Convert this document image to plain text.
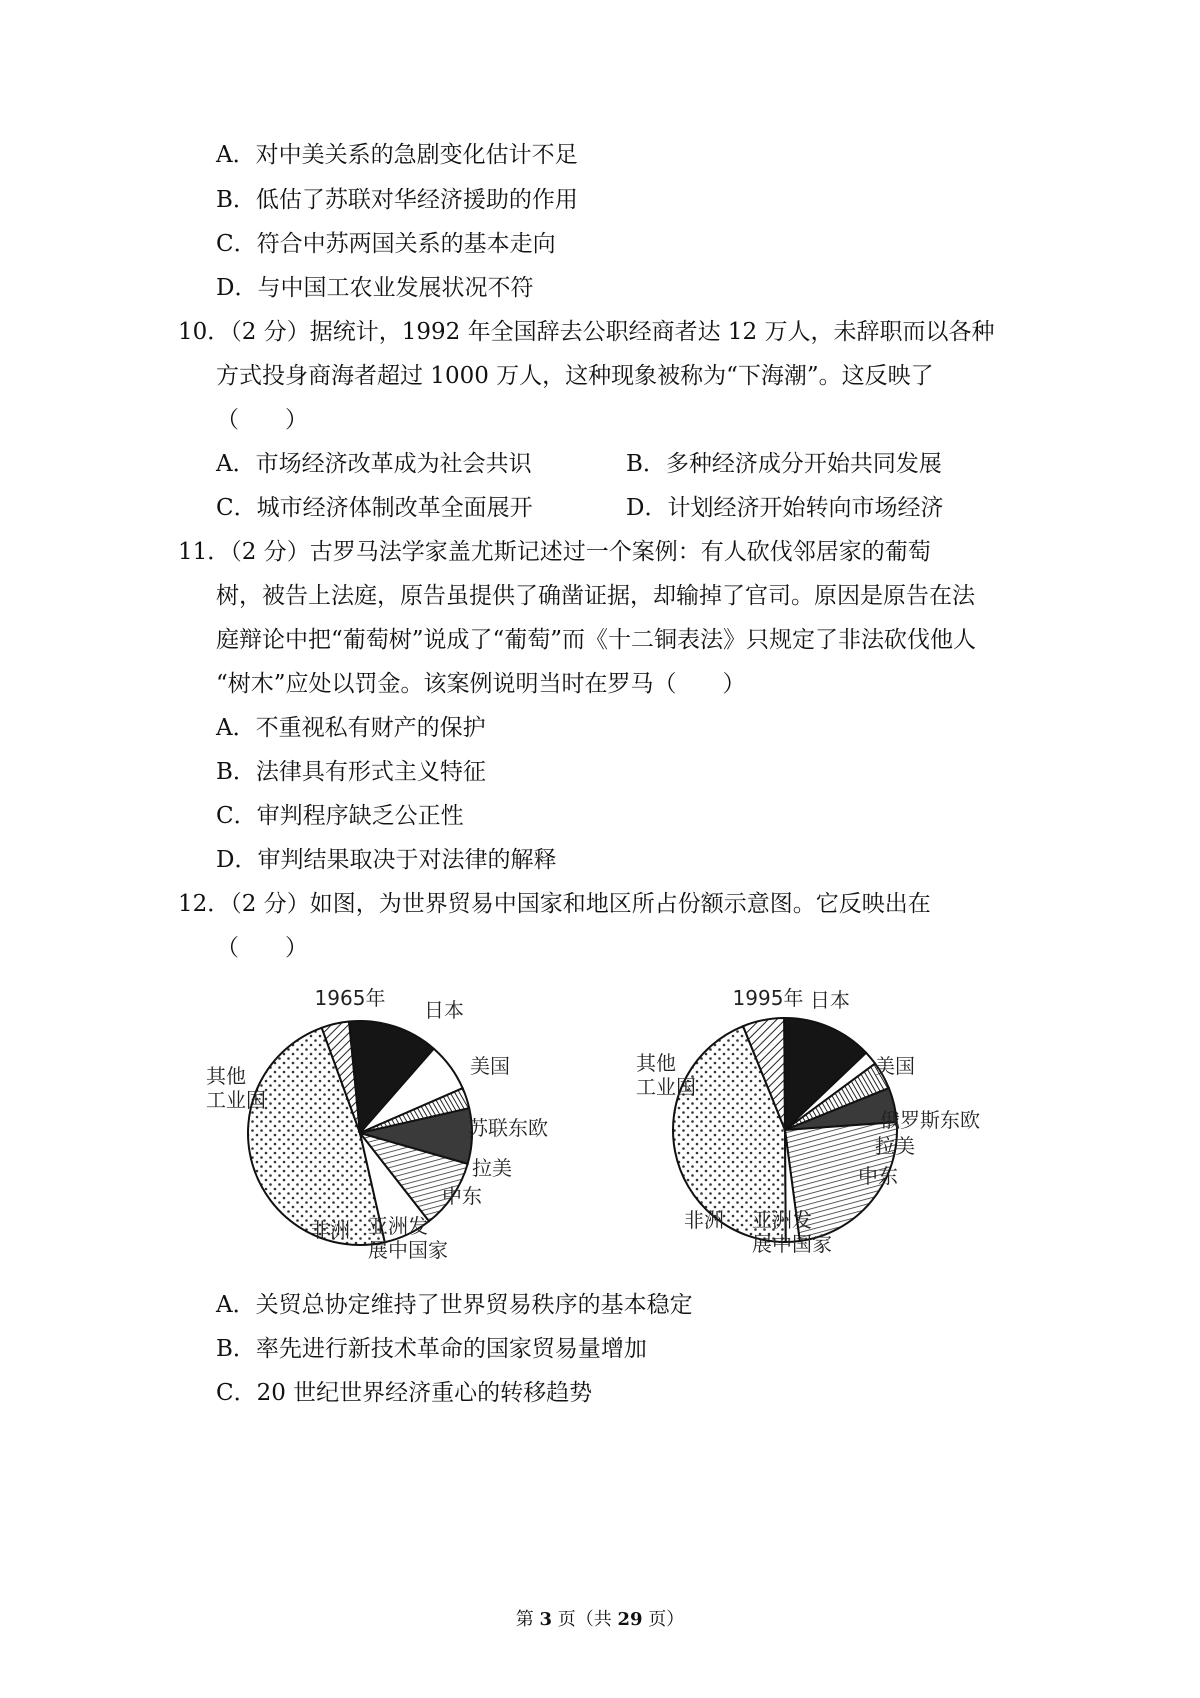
A．对中美关系的急剧变化估计不足
B．低估了苏联对华经济援助的作用
C．符合中苏两国关系的基本走向
D．与中国工农业发展状况不符
10．（2 分）据统计，1992 年全国辞去公职经商者达 12 万人，未辞职而以各种
方式投身商海者超过 1000 万人，这种现象被称为“下海潮”。这反映了
（　　）
A．市场经济改革成为社会共识	B．多种经济成分开始共同发展
C．城市经济体制改革全面展开	D．计划经济开始转向市场经济
11．（2 分）古罗马法学家盖尤斯记述过一个案例：有人砍伐邻居家的葡萄
树，被告上法庭，原告虽提供了确凿证据，却输掉了官司。原因是原告在法
庭辩论中把“葡萄树”说成了“葡萄”而《十二铜表法》只规定了非法砍伐他人
“树木”应处以罚金。该案例说明当时在罗马（　　）
A．不重视私有财产的保护
B．法律具有形式主义特征
C．审判程序缺乏公正性
D．审判结果取决于对法律的解释
12．（2 分）如图，为世界贸易中国家和地区所占份额示意图。它反映出在
（　　）
1965年
其他工业国
日本
美国
苏联东欧
拉美
中东
亚洲发展中国家
非洲
1995年
其他工业国
日本
美国
俄罗斯东欧
拉美
中东
亚洲发展中国家
非洲
A．关贸总协定维持了世界贸易秩序的基本稳定
B．率先进行新技术革命的国家贸易量增加
C．20 世纪世界经济重心的转移趋势
第 3 页（共 29 页）
